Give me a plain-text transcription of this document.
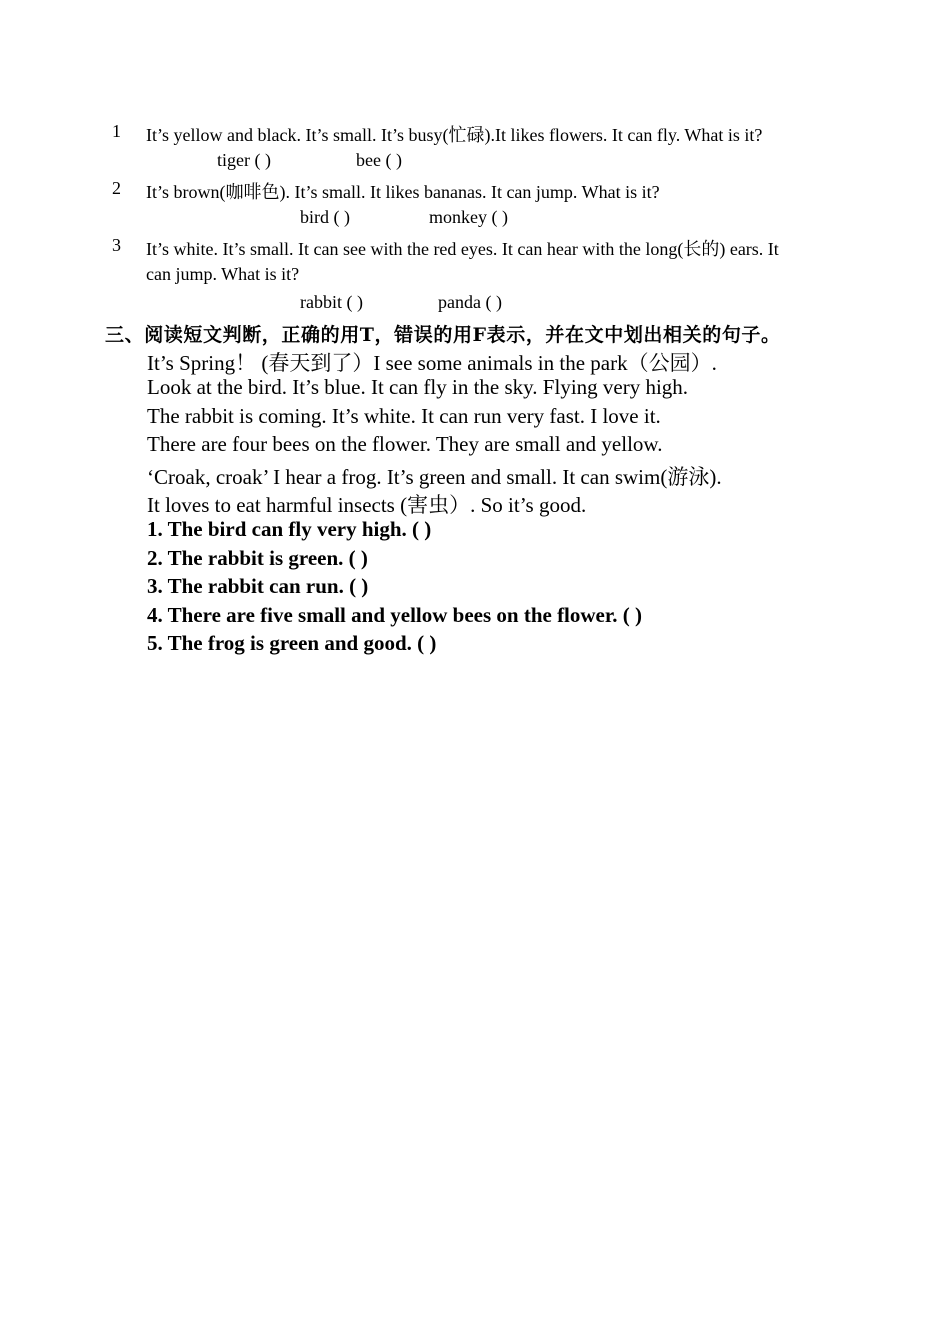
1 It’s yellow and black. It’s small. It’s busy(忙碌).It likes flowers. It can fly. What is it?
tiger ( )	bee ( )
2 It’s brown(咖啡色). It’s small. It likes bananas. It can jump. What is it?
bird ( )	monkey ( )
3 It’s white. It’s small. It can see with the red eyes. It can hear with the long(长的) ears. It
can jump. What is it?
rabbit ( )	panda ( )
三、阅读短文判断，正确的用T，错误的用F表示，并在文中划出相关的句子。
It’s Spring！ (春天到了）I see some animals in the park（公园）.
Look at the bird. It’s blue. It can fly in the sky. Flying very high.
The rabbit is coming. It’s white. It can run very fast. I love it.
There are four bees on the flower. They are small and yellow.
‘Croak, croak’ I hear a frog. It’s green and small. It can swim(游泳).
It loves to eat harmful insects (害虫）. So it’s good.
1. The bird can fly very high. ( )
2. The rabbit is green. ( )
3. The rabbit can run. ( )
4. There are five small and yellow bees on the flower. ( )
5. The frog is green and good. ( )
